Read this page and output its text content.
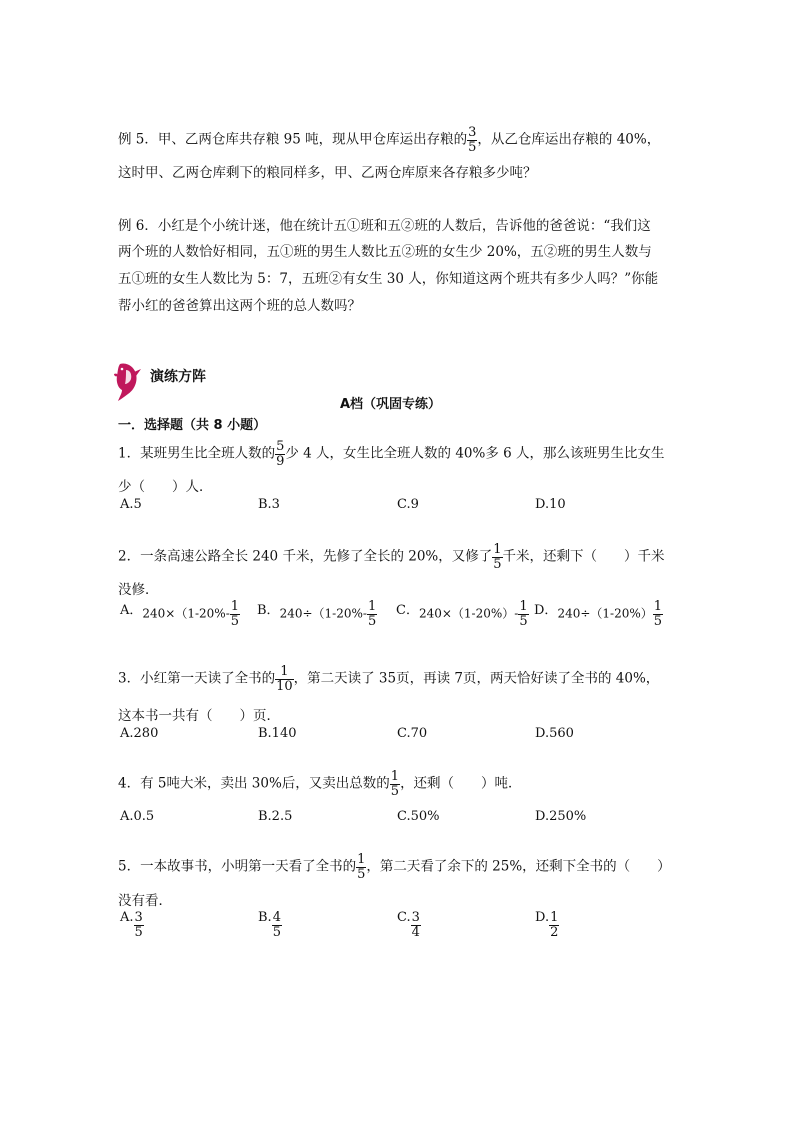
例 5．甲、乙两仓库共存粮 95 吨，现从甲仓库运出存粮的 $\frac{3}{5}$ ，从乙仓库运出存粮的 40%，
这时甲、乙两仓库剩下的粮同样多，甲、乙两仓库原来各存粮多少吨？
例 6．小红是个小统计迷，他在统计五①班和五②班的人数后，告诉他的爸爸说：“我们这
两个班的人数恰好相同，五①班的男生人数比五②班的女生少 20%，五②班的男生人数与
五①班的女生人数比为 5：7，五班②有女生 30 人，你知道这两个班共有多少人吗？”你能
帮小红的爸爸算出这两个班的总人数吗？
演练方阵
A档（巩固专练）
一．选择题（共 8 小题）
1．某班男生比全班人数的 $\frac{5}{9}$ 少 4 人，女生比全班人数的 40%多 6 人，那么该班男生比女生
少（　　）人．
A.5	B.3	C.9	D.10
2．一条高速公路全长 240 千米，先修了全长的 20%，又修了 $\frac{1}{5}$ 千米，还剩下（　　）千米
没修．
A．$240\times(1-20\%- \frac{1}{5}$ B．$240\div(1-20\%- \frac{1}{5}$ C．$240\times(1-20\%)- \frac{1}{5}$ D．$240\div(1-20\%) \frac{1}{5}$
3．小红第一天读了全书的 $\frac{1}{10}$ ，第二天读了 35页，再读 7页，两天恰好读了全书的 40%，
这本书一共有（　　）页．
A.280	B.140	C.70	D.560
4．有 5吨大米，卖出 30%后，又卖出总数的 $\frac{1}{5}$ ，还剩（　　）吨．
A.0.5	B.2.5	C.50%	D.250%
5．一本故事书，小明第一天看了全书的 $\frac{1}{5}$ ，第二天看了余下的 25%，还剩下全书的（　　）
没有看．
A. $\frac{3}{5}$	B. $\frac{4}{5}$	C. $\frac{3}{4}$	D. $\frac{1}{2}$
